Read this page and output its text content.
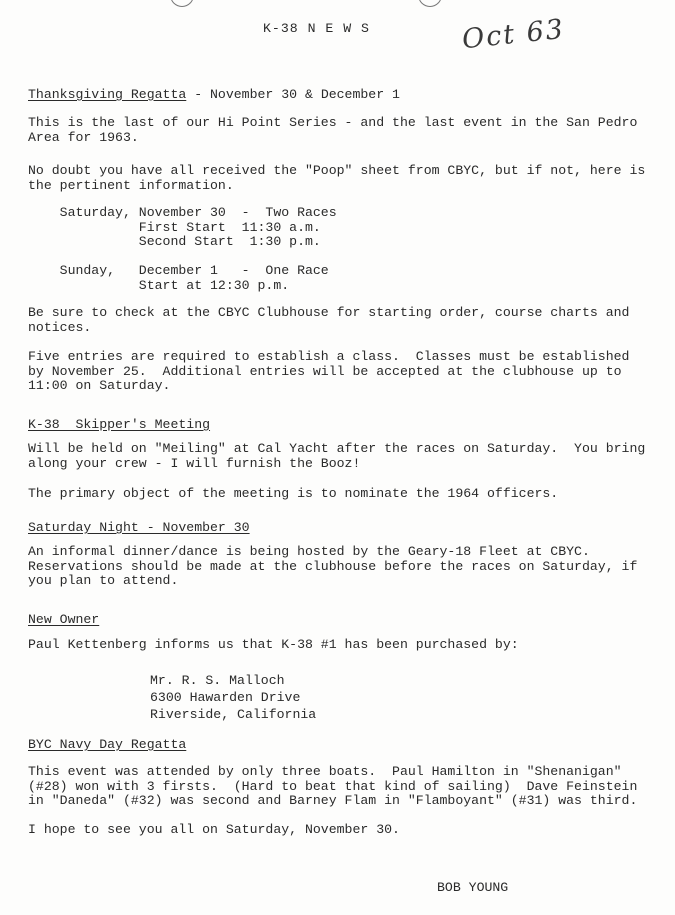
K-38 N E W S	Oct 63
Thanksgiving Regatta - November 30 & December 1
This is the last of our Hi Point Series - and the last event in the San Pedro
Area for 1963.
No doubt you have all received the "Poop" sheet from CBYC, but if not, here is
the pertinent information.
Saturday, November 30  -  Two Races
First Start  11:30 a.m.
Second Start  1:30 p.m.
Sunday,   December 1   -  One Race
Start at 12:30 p.m.
Be sure to check at the CBYC Clubhouse for starting order, course charts and
notices.
Five entries are required to establish a class.  Classes must be established
by November 25.  Additional entries will be accepted at the clubhouse up to
11:00 on Saturday.
K-38  Skipper's Meeting
Will be held on "Meiling" at Cal Yacht after the races on Saturday.  You bring
along your crew - I will furnish the Booz!
The primary object of the meeting is to nominate the 1964 officers.
Saturday Night - November 30
An informal dinner/dance is being hosted by the Geary-18 Fleet at CBYC.
Reservations should be made at the clubhouse before the races on Saturday, if
you plan to attend.
New Owner
Paul Kettenberg informs us that K-38 #1 has been purchased by:
Mr. R. S. Malloch
6300 Hawarden Drive
Riverside, California
BYC Navy Day Regatta
This event was attended by only three boats.  Paul Hamilton in "Shenanigan"
(#28) won with 3 firsts.  (Hard to beat that kind of sailing)  Dave Feinstein
in "Daneda" (#32) was second and Barney Flam in "Flamboyant" (#31) was third.
I hope to see you all on Saturday, November 30.
BOB YOUNG
